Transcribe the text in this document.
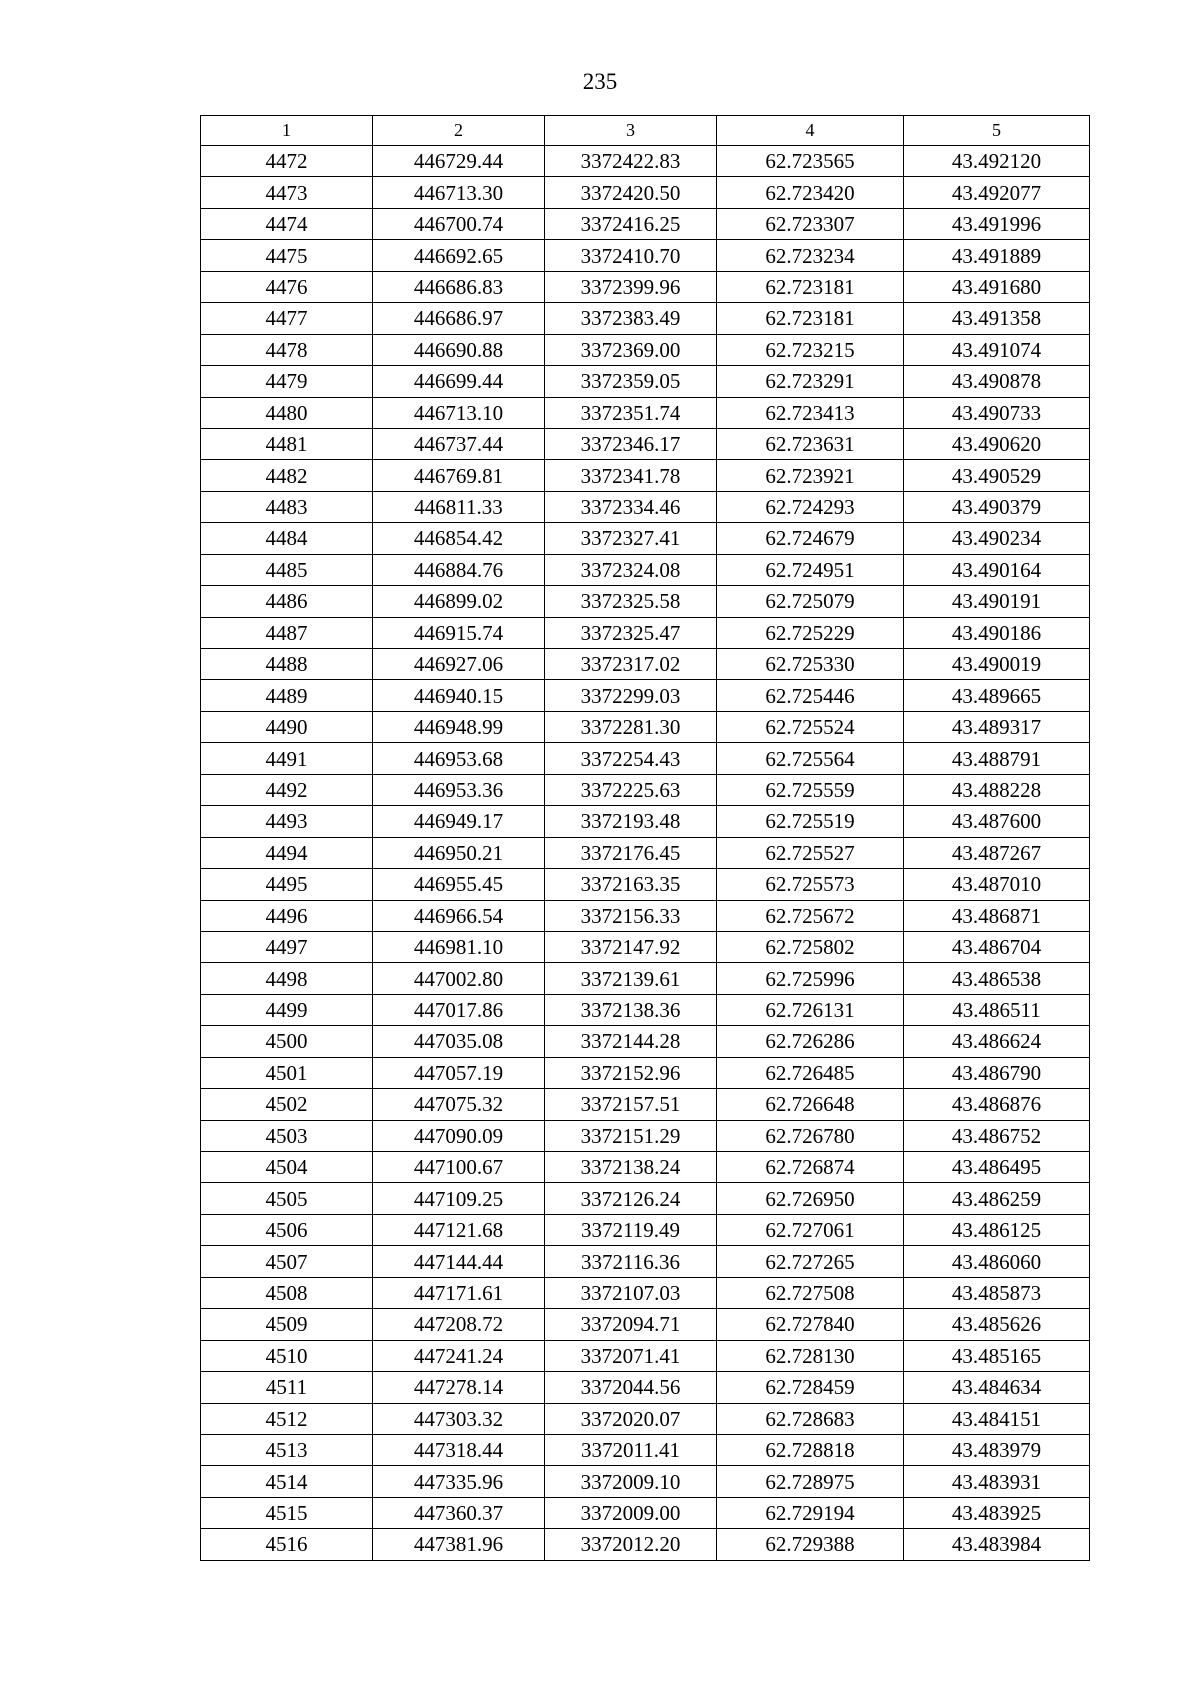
235
1	2	3	4	5
4472	446729.44	3372422.83	62.723565	43.492120
4473	446713.30	3372420.50	62.723420	43.492077
4474	446700.74	3372416.25	62.723307	43.491996
4475	446692.65	3372410.70	62.723234	43.491889
4476	446686.83	3372399.96	62.723181	43.491680
4477	446686.97	3372383.49	62.723181	43.491358
4478	446690.88	3372369.00	62.723215	43.491074
4479	446699.44	3372359.05	62.723291	43.490878
4480	446713.10	3372351.74	62.723413	43.490733
4481	446737.44	3372346.17	62.723631	43.490620
4482	446769.81	3372341.78	62.723921	43.490529
4483	446811.33	3372334.46	62.724293	43.490379
4484	446854.42	3372327.41	62.724679	43.490234
4485	446884.76	3372324.08	62.724951	43.490164
4486	446899.02	3372325.58	62.725079	43.490191
4487	446915.74	3372325.47	62.725229	43.490186
4488	446927.06	3372317.02	62.725330	43.490019
4489	446940.15	3372299.03	62.725446	43.489665
4490	446948.99	3372281.30	62.725524	43.489317
4491	446953.68	3372254.43	62.725564	43.488791
4492	446953.36	3372225.63	62.725559	43.488228
4493	446949.17	3372193.48	62.725519	43.487600
4494	446950.21	3372176.45	62.725527	43.487267
4495	446955.45	3372163.35	62.725573	43.487010
4496	446966.54	3372156.33	62.725672	43.486871
4497	446981.10	3372147.92	62.725802	43.486704
4498	447002.80	3372139.61	62.725996	43.486538
4499	447017.86	3372138.36	62.726131	43.486511
4500	447035.08	3372144.28	62.726286	43.486624
4501	447057.19	3372152.96	62.726485	43.486790
4502	447075.32	3372157.51	62.726648	43.486876
4503	447090.09	3372151.29	62.726780	43.486752
4504	447100.67	3372138.24	62.726874	43.486495
4505	447109.25	3372126.24	62.726950	43.486259
4506	447121.68	3372119.49	62.727061	43.486125
4507	447144.44	3372116.36	62.727265	43.486060
4508	447171.61	3372107.03	62.727508	43.485873
4509	447208.72	3372094.71	62.727840	43.485626
4510	447241.24	3372071.41	62.728130	43.485165
4511	447278.14	3372044.56	62.728459	43.484634
4512	447303.32	3372020.07	62.728683	43.484151
4513	447318.44	3372011.41	62.728818	43.483979
4514	447335.96	3372009.10	62.728975	43.483931
4515	447360.37	3372009.00	62.729194	43.483925
4516	447381.96	3372012.20	62.729388	43.483984
